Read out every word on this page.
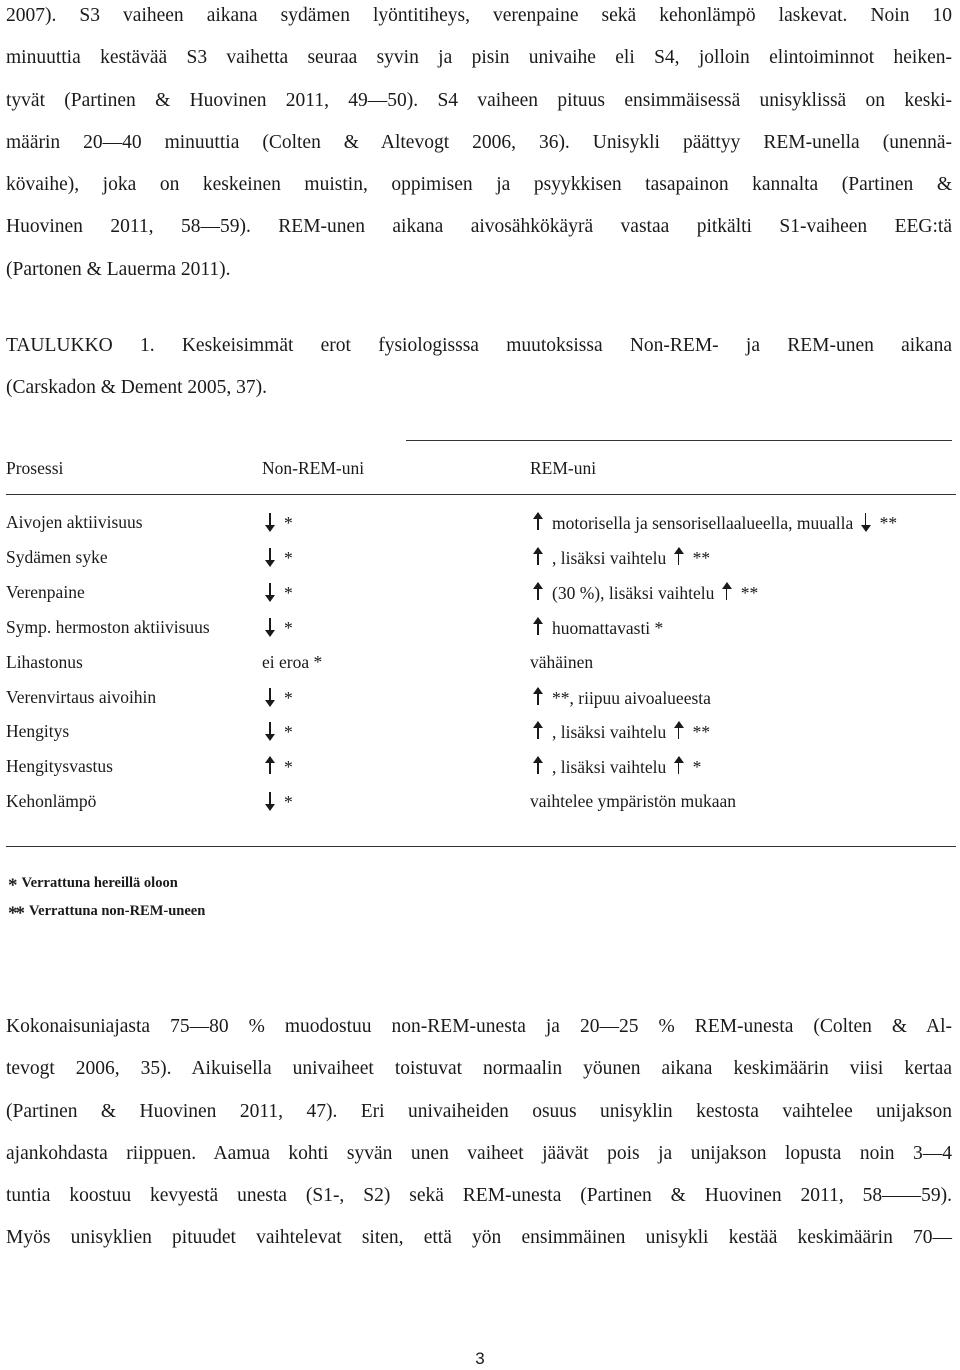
2007). S3 vaiheen aikana sydämen lyöntitiheys, verenpaine sekä kehonlämpö laskevat. Noin 10
minuuttia kestävää S3 vaihetta seuraa syvin ja pisin univaihe eli S4, jolloin elintoiminnot heiken-
tyvät (Partinen & Huovinen 2011, 49—50). S4 vaiheen pituus ensimmäisessä unisyklissä on keski-
määrin 20—40 minuuttia (Colten & Altevogt 2006, 36). Unisykli päättyy REM-unella (unennä-
kövaihe), joka on keskeinen muistin, oppimisen ja psyykkisen tasapainon kannalta (Partinen &
Huovinen 2011, 58—59). REM-unen aikana aivosähkökäyrä vastaa pitkälti S1-vaiheen EEG:tä
(Partonen & Lauerma 2011).
TAULUKKO 1. Keskeisimmät erot fysiologisssa muutoksissa Non-REM- ja REM-unen aikana
(Carskadon & Dement 2005, 37).
Prosessi	Non-REM-uni	REM-uni
Aivojen aktiivisuus	*	motorisella ja sensorisellaalueella, muualla **
Sydämen syke	*	, lisäksi vaihtelu **
Verenpaine	*	(30 %), lisäksi vaihtelu **
Symp. hermoston aktiivisuus	*	huomattavasti *
Lihastonus	ei eroa *	vähäinen
Verenvirtaus aivoihin	*	**, riipuu aivoalueesta
Hengitys	*	, lisäksi vaihtelu **
Hengitysvastus	*	, lisäksi vaihtelu *
Kehonlämpö	*	vaihtelee ympäristön mukaan
* Verrattuna hereillä oloon
** Verrattuna non-REM-uneen
Kokonaisuniajasta 75—80 % muodostuu non-REM-unesta ja 20—25 % REM-unesta (Colten & Al-
tevogt 2006, 35). Aikuisella univaiheet toistuvat normaalin yöunen aikana keskimäärin viisi kertaa
(Partinen & Huovinen 2011, 47). Eri univaiheiden osuus unisyklin kestosta vaihtelee unijakson
ajankohdasta riippuen. Aamua kohti syvän unen vaiheet jäävät pois ja unijakson lopusta noin 3—4
tuntia koostuu kevyestä unesta (S1-, S2) sekä REM-unesta (Partinen & Huovinen 2011, 58——59).
Myös unisyklien pituudet vaihtelevat siten, että yön ensimmäinen unisykli kestää keskimäärin 70—
3
